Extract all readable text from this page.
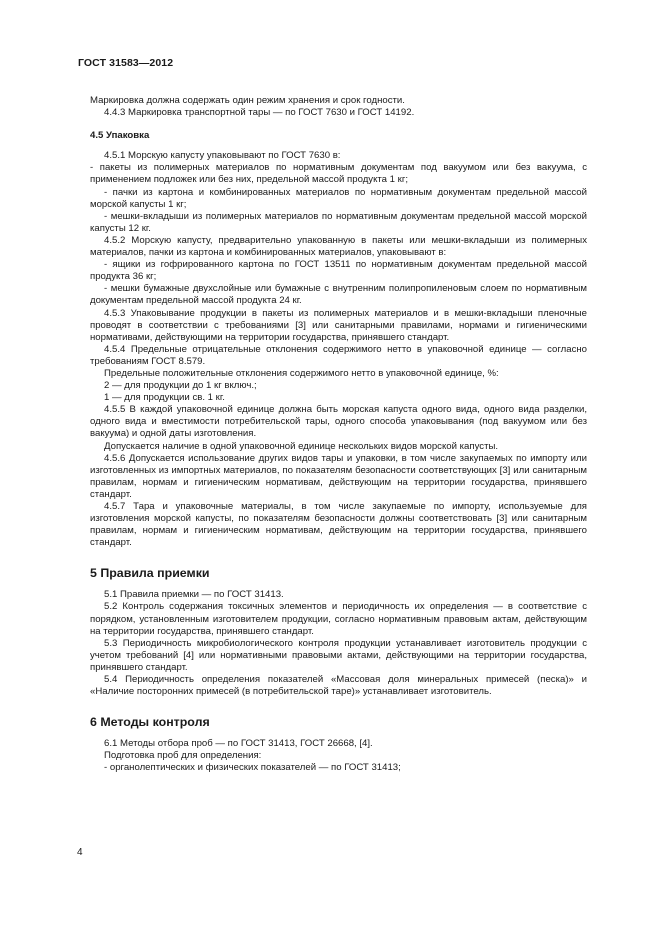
ГОСТ 31583—2012

Маркировка должна содержать один режим хранения и срок годности.

4.4.3 Маркировка транспортной тары — по ГОСТ 7630 и ГОСТ 14192.

4.5 Упаковка

4.5.1 Морскую капусту упаковывают по ГОСТ 7630 в:

- пакеты из полимерных материалов по нормативным документам под вакуумом или без вакуума, с применением подложек или без них, предельной массой продукта 1 кг;

- пачки из картона и комбинированных материалов по нормативным документам предельной массой морской капусты 1 кг;

- мешки-вкладыши из полимерных материалов по нормативным документам предельной массой морской капусты 12 кг.

4.5.2 Морскую капусту, предварительно упакованную в пакеты или мешки-вкладыши из полимерных материалов, пачки из картона и комбинированных материалов, упаковывают в:

- ящики из гофрированного картона по ГОСТ 13511 по нормативным документам предельной массой продукта 36 кг;

- мешки бумажные двухслойные или бумажные с внутренним полипропиленовым слоем по нормативным документам предельной массой продукта 24 кг.

4.5.3 Упаковывание продукции в пакеты из полимерных материалов и в мешки-вкладыши пленочные проводят в соответствии с требованиями [3] или санитарными правилами, нормами и гигиеническими нормативами, действующими на территории государства, принявшего стандарт.

4.5.4 Предельные отрицательные отклонения содержимого нетто в упаковочной единице — согласно требованиям ГОСТ 8.579.

Предельные положительные отклонения содержимого нетто в упаковочной единице, %:

2 — для продукции до 1 кг включ.;

1 — для продукции св. 1 кг.

4.5.5 В каждой упаковочной единице должна быть морская капуста одного вида, одного вида разделки, одного вида и вместимости потребительской тары, одного способа упаковывания (под вакуумом или без вакуума) и одной даты изготовления.

Допускается наличие в одной упаковочной единице нескольких видов морской капусты.

4.5.6 Допускается использование других видов тары и упаковки, в том числе закупаемых по импорту или изготовленных из импортных материалов, по показателям безопасности соответствующих [3] или санитарным правилам, нормам и гигиеническим нормативам, действующим на территории государства, принявшего стандарт.

4.5.7 Тара и упаковочные материалы, в том числе закупаемые по импорту, используемые для изготовления морской капусты, по показателям безопасности должны соответствовать [3] или санитарным правилам, нормам и гигиеническим нормативам, действующим на территории государства, принявшего стандарт.

5 Правила приемки

5.1 Правила приемки — по ГОСТ 31413.

5.2 Контроль содержания токсичных элементов и периодичность их определения — в соответствие с порядком, установленным изготовителем продукции, согласно нормативным правовым актам, действующим на территории государства, принявшего стандарт.

5.3 Периодичность микробиологического контроля продукции устанавливает изготовитель продукции с учетом требований [4] или нормативными правовыми актами, действующими на территории государства, принявшего стандарт.

5.4 Периодичность определения показателей «Массовая доля минеральных примесей (песка)» и «Наличие посторонних примесей (в потребительской таре)» устанавливает изготовитель.

6 Методы контроля

6.1 Методы отбора проб — по ГОСТ 31413, ГОСТ 26668, [4].

Подготовка проб для определения:

- органолептических и физических показателей — по ГОСТ 31413;

4
